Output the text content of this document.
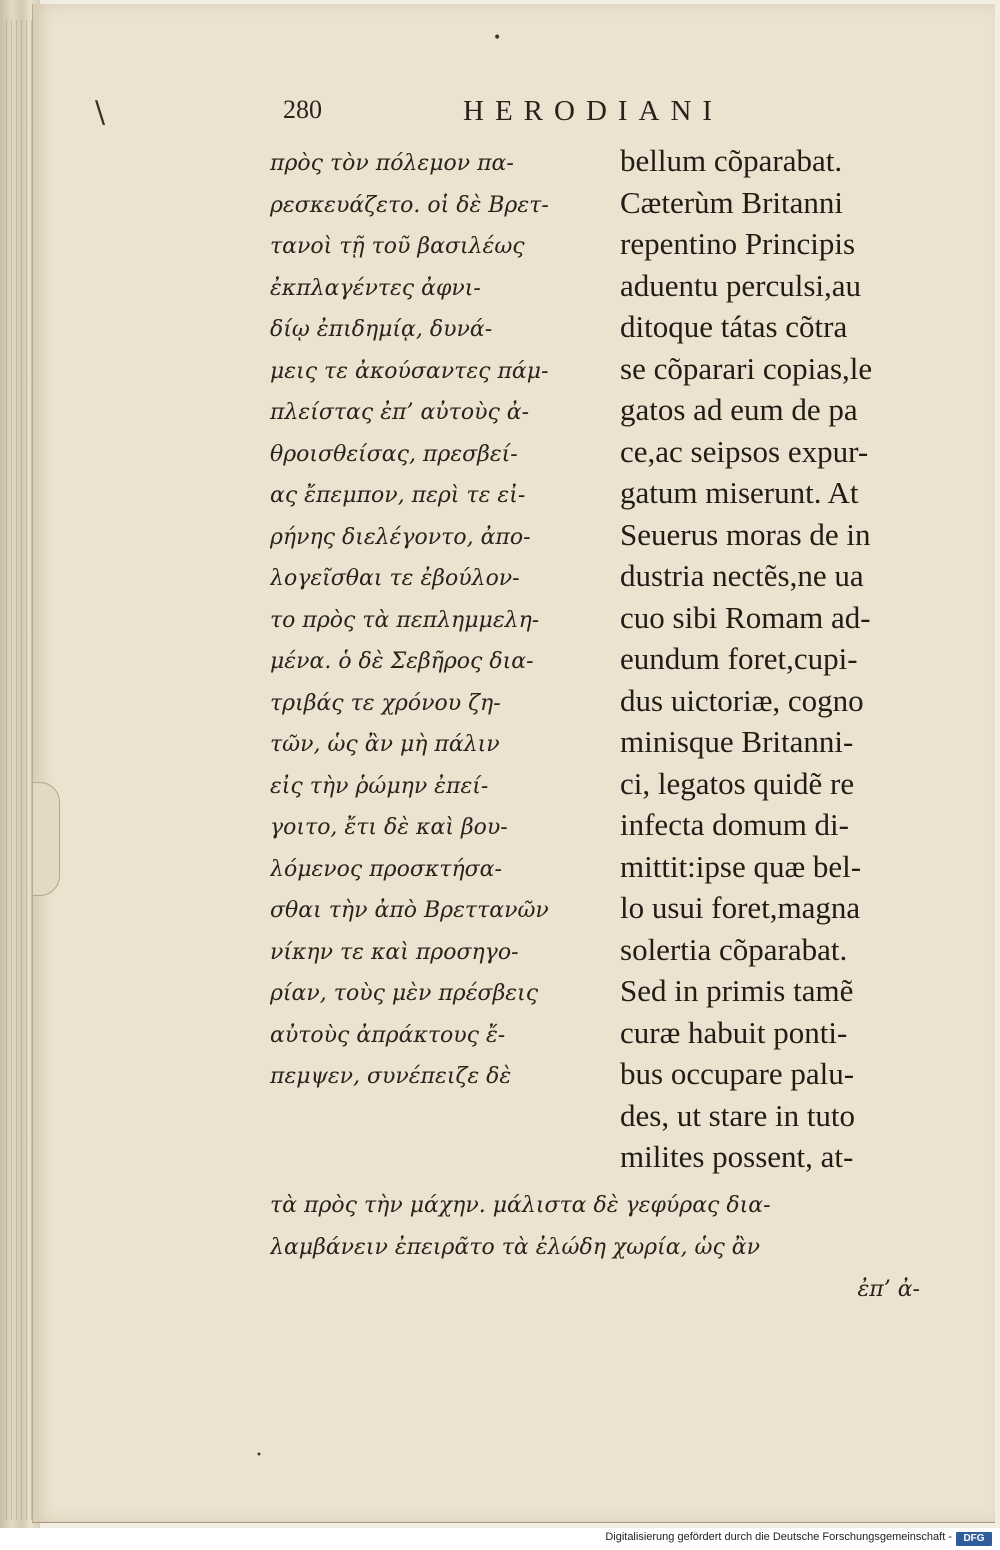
\
•
•
280	HERODIANI
πρὸς τὸν πόλεμον πα-
ρεσκευάζετο. οἱ δὲ Βρετ-
τανοὶ τῇ τοῦ βασιλέως
ἐκπλαγέντες ἀφνι-
δίῳ ἐπιδημίᾳ, δυνά-
μεις τε ἀκούσαντες πάμ-
πλείστας ἐπ’ αὐτοὺς ἀ-
θροισθείσας, πρεσβεί-
ας ἔπεμπον, περὶ τε εἰ-
ρήνης διελέγοντο, ἀπο-
λογεῖσθαι τε ἐβούλον-
το πρὸς τὰ πεπλημμελη-
μένα. ὁ δὲ Σεβῆρος δια-
τριβάς τε χρόνου ζη-
τῶν, ὡς ἂν μὴ πάλιν
εἰς τὴν ῥώμην ἐπεί-
γοιτο, ἔτι δὲ καὶ βου-
λόμενος προσκτήσα-
σθαι τὴν ἀπὸ Βρεττανῶν
νίκην τε καὶ προσηγο-
ρίαν, τοὺς μὲν πρέσβεις
αὐτοὺς ἀπράκτους ἔ-
πεμψεν, συνέπειζε δὲ
bellum cõparabat.
Cæterùm Britanni
repentino Principis
aduentu perculsi,au
ditoque tátas cõtra
se cõparari copias,le
gatos ad eum de pa
ce,ac seipsos expur-
gatum miserunt. At
Seuerus moras de in
dustria nectẽs,ne ua
cuo sibi Romam ad-
eundum foret,cupi-
dus uictoriæ, cogno
minisque Britanni-
ci, legatos quidẽ re
infecta domum di-
mittit:ipse quæ bel-
lo usui foret,magna
solertia cõparabat.
Sed in primis tamẽ
curæ habuit ponti-
bus occupare palu-
des, ut stare in tuto
milites possent, at-
τὰ πρὸς τὴν μάχην. μάλιστα δὲ γεφύρας δια-
λαμβάνειν ἐπειρᾶτο τὰ ἐλώδη χωρία, ὡς ἂν
ἐπ’ ἀ-
Digitalisierung gefördert durch die Deutsche Forschungsgemeinschaft -	DFG
